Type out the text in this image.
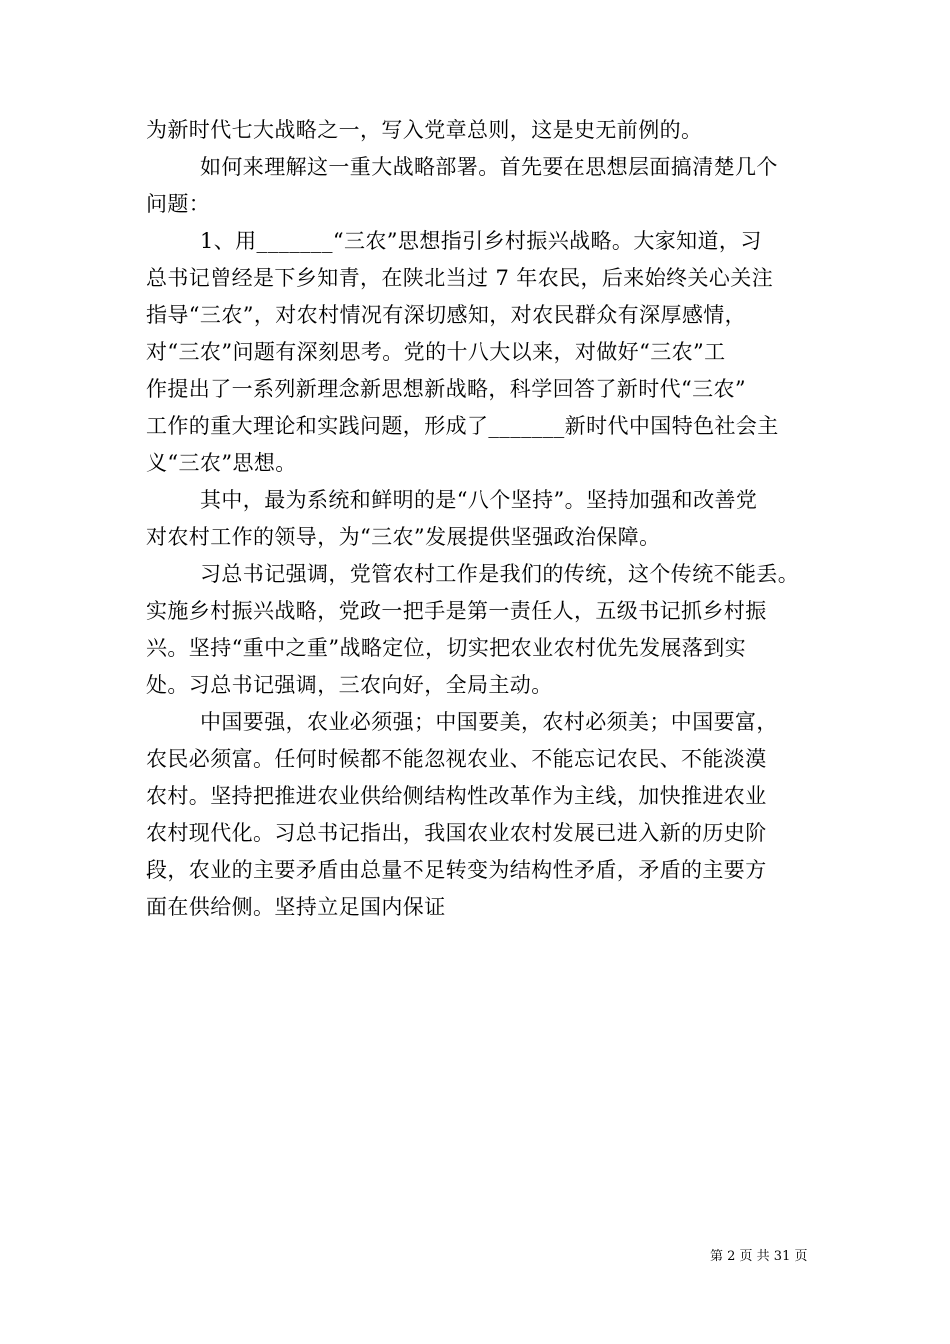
为新时代七大战略之一，写入党章总则，这是史无前例的。
如何来理解这一重大战略部署。首先要在思想层面搞清楚几个
问题：
1、用_______“三农”思想指引乡村振兴战略。大家知道，习
总书记曾经是下乡知青，在陕北当过 7 年农民，后来始终关心关注
指导“三农”，对农村情况有深切感知，对农民群众有深厚感情，
对“三农”问题有深刻思考。党的十八大以来，对做好“三农”工
作提出了一系列新理念新思想新战略，科学回答了新时代“三农”
工作的重大理论和实践问题，形成了_______新时代中国特色社会主
义“三农”思想。
其中，最为系统和鲜明的是“八个坚持”。坚持加强和改善党
对农村工作的领导，为“三农”发展提供坚强政治保障。
习总书记强调，党管农村工作是我们的传统，这个传统不能丢。
实施乡村振兴战略，党政一把手是第一责任人，五级书记抓乡村振
兴。坚持“重中之重”战略定位，切实把农业农村优先发展落到实
处。习总书记强调，三农向好，全局主动。
中国要强，农业必须强；中国要美，农村必须美；中国要富，
农民必须富。任何时候都不能忽视农业、不能忘记农民、不能淡漠
农村。坚持把推进农业供给侧结构性改革作为主线，加快推进农业
农村现代化。习总书记指出，我国农业农村发展已进入新的历史阶
段，农业的主要矛盾由总量不足转变为结构性矛盾，矛盾的主要方
面在供给侧。坚持立足国内保证
第 2 页 共 31 页
